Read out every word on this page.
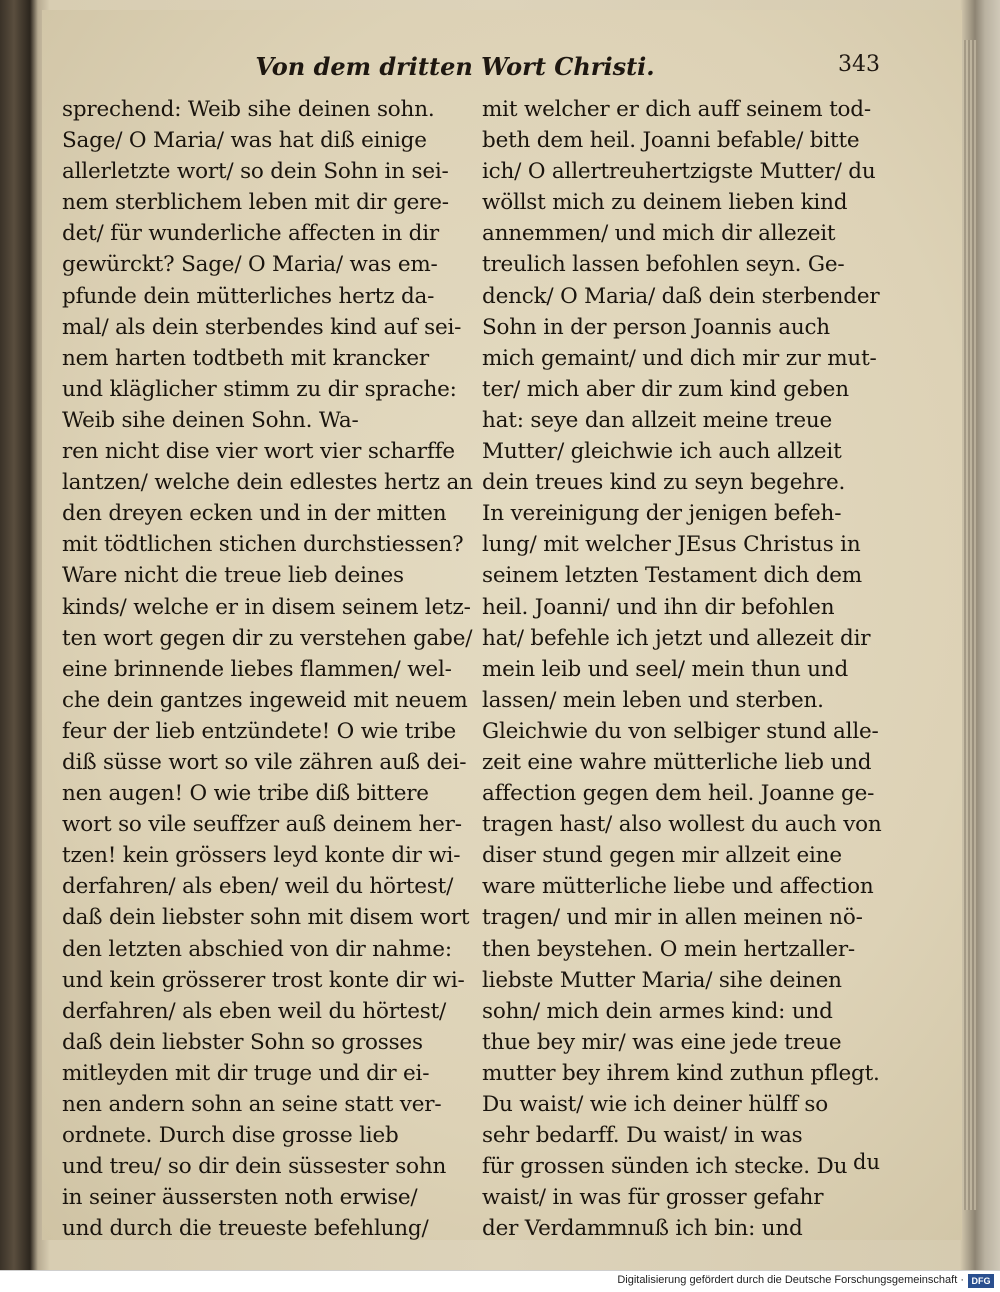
Von dem dritten Wort Christi.	343
sprechend: Weib sihe deinen sohn.
Sage/ O Maria/ was hat diß einige
allerletzte wort/ so dein Sohn in sei-
nem sterblichem leben mit dir gere-
det/ für wunderliche affecten in dir
gewürckt? Sage/ O Maria/ was em-
pfunde dein mütterliches hertz da-
mal/ als dein sterbendes kind auf sei-
nem harten todtbeth mit krancker
und kläglicher stimm zu dir sprache:
Weib sihe deinen Sohn. Wa-
ren nicht dise vier wort vier scharffe
lantzen/ welche dein edlestes hertz an
den dreyen ecken und in der mitten
mit tödtlichen stichen durchstiessen?
Ware nicht die treue lieb deines
kinds/ welche er in disem seinem letz-
ten wort gegen dir zu verstehen gabe/
eine brinnende liebes flammen/ wel-
che dein gantzes ingeweid mit neuem
feur der lieb entzündete! O wie tribe
diß süsse wort so vile zähren auß dei-
nen augen! O wie tribe diß bittere
wort so vile seuffzer auß deinem her-
tzen! kein grössers leyd konte dir wi-
derfahren/ als eben/ weil du hörtest/
daß dein liebster sohn mit disem wort
den letzten abschied von dir nahme:
und kein grösserer trost konte dir wi-
derfahren/ als eben weil du hörtest/
daß dein liebster Sohn so grosses
mitleyden mit dir truge und dir ei-
nen andern sohn an seine statt ver-
ordnete. Durch dise grosse lieb
und treu/ so dir dein süssester sohn
in seiner äussersten noth erwise/
und durch die treueste befehlung/
mit welcher er dich auff seinem tod-
beth dem heil. Joanni befable/ bitte
ich/ O allertreuhertzigste Mutter/ du
wöllst mich zu deinem lieben kind
annemmen/ und mich dir allezeit
treulich lassen befohlen seyn. Ge-
denck/ O Maria/ daß dein sterbender
Sohn in der person Joannis auch
mich gemaint/ und dich mir zur mut-
ter/ mich aber dir zum kind geben
hat: seye dan allzeit meine treue
Mutter/ gleichwie ich auch allzeit
dein treues kind zu seyn begehre.
In vereinigung der jenigen befeh-
lung/ mit welcher JEsus Christus in
seinem letzten Testament dich dem
heil. Joanni/ und ihn dir befohlen
hat/ befehle ich jetzt und allezeit dir
mein leib und seel/ mein thun und
lassen/ mein leben und sterben.
Gleichwie du von selbiger stund alle-
zeit eine wahre mütterliche lieb und
affection gegen dem heil. Joanne ge-
tragen hast/ also wollest du auch von
diser stund gegen mir allzeit eine
ware mütterliche liebe und affection
tragen/ und mir in allen meinen nö-
then beystehen. O mein hertzaller-
liebste Mutter Maria/ sihe deinen
sohn/ mich dein armes kind: und
thue bey mir/ was eine jede treue
mutter bey ihrem kind zuthun pflegt.
Du waist/ wie ich deiner hülff so
sehr bedarff. Du waist/ in was
für grossen sünden ich stecke. Du
waist/ in was für grosser gefahr
der Verdammnuß ich bin: und
du
Digitalisierung gefördert durch die Deutsche Forschungsgemeinschaft · DFG
